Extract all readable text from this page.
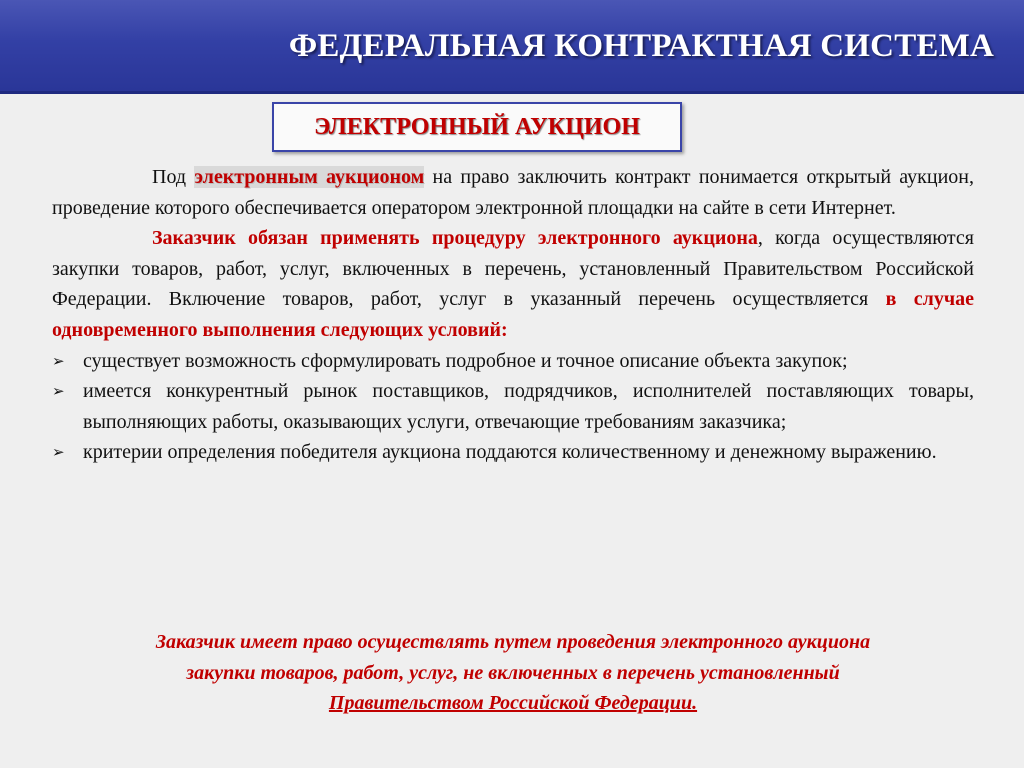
ФЕДЕРАЛЬНАЯ КОНТРАКТНАЯ СИСТЕМА
ЭЛЕКТРОННЫЙ АУКЦИОН

Под электронным аукционом на право заключить контракт понимается открытый аукцион, проведение которого обеспечивается оператором электронной площадки на сайте в сети Интернет.

Заказчик обязан применять процедуру электронного аукциона, когда осуществляются закупки товаров, работ, услуг, включенных в перечень, установленный Правительством Российской Федерации. Включение товаров, работ, услуг в указанный перечень осуществляется в случае одновременного выполнения следующих условий:

➢ существует возможность сформулировать подробное и точное описание объекта закупок;
➢ имеется конкурентный рынок поставщиков, подрядчиков, исполнителей поставляющих товары, выполняющих работы, оказывающих услуги, отвечающие требованиям заказчика;
➢ критерии определения победителя аукциона поддаются количественному и денежному выражению.
Заказчик имеет право осуществлять путем проведения электронного аукциона
закупки товаров, работ, услуг, не включенных в перечень установленный
Правительством Российской Федерации.
